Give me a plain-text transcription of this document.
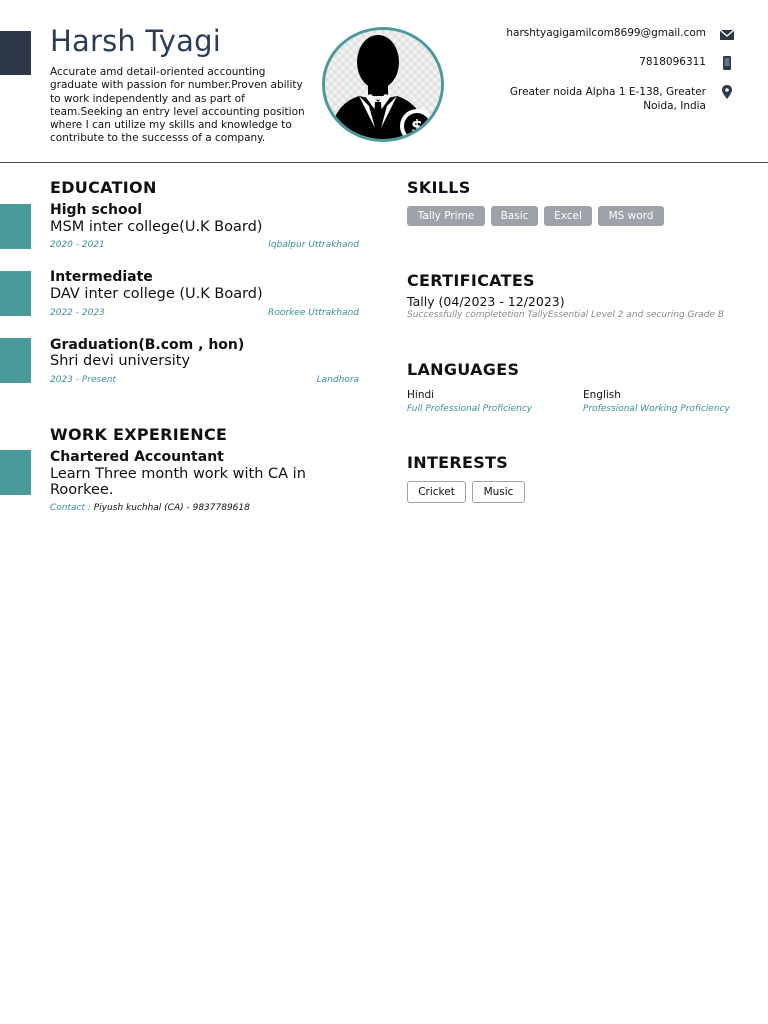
Harsh Tyagi
Accurate amd detail-oriented accounting graduate with passion for number.Proven ability to work independently and as part of team.Seeking an entry level accounting position where I can utilize my skills and knowledge to contribute to the successs of a company.
$
harshtyagigamilcom8699@gmail.com
7818096311
Greater noida Alpha 1 E-138, Greater
Noida, India
EDUCATION
High school
MSM inter college(U.K Board)
2020 - 2021	Iqbalpur Uttrakhand
Intermediate
DAV inter college (U.K Board)
2022 - 2023	Roorkee Uttrakhand
Graduation(B.com , hon)
Shri devi university
2023 - Present	Landhora
WORK EXPERIENCE
Chartered Accountant
Learn Three month work with CA in
Roorkee.
Contact : Piyush kuchhal (CA) - 9837789618
SKILLS
Tally Prime	Basic	Excel	MS word
CERTIFICATES
Tally (04/2023 - 12/2023)
Successfully completetion TallyEssential Level 2 and securing Grade B
LANGUAGES
Hindi
Full Professional Proficiency
English
Professional Working Proficiency
INTERESTS
Cricket	Music
